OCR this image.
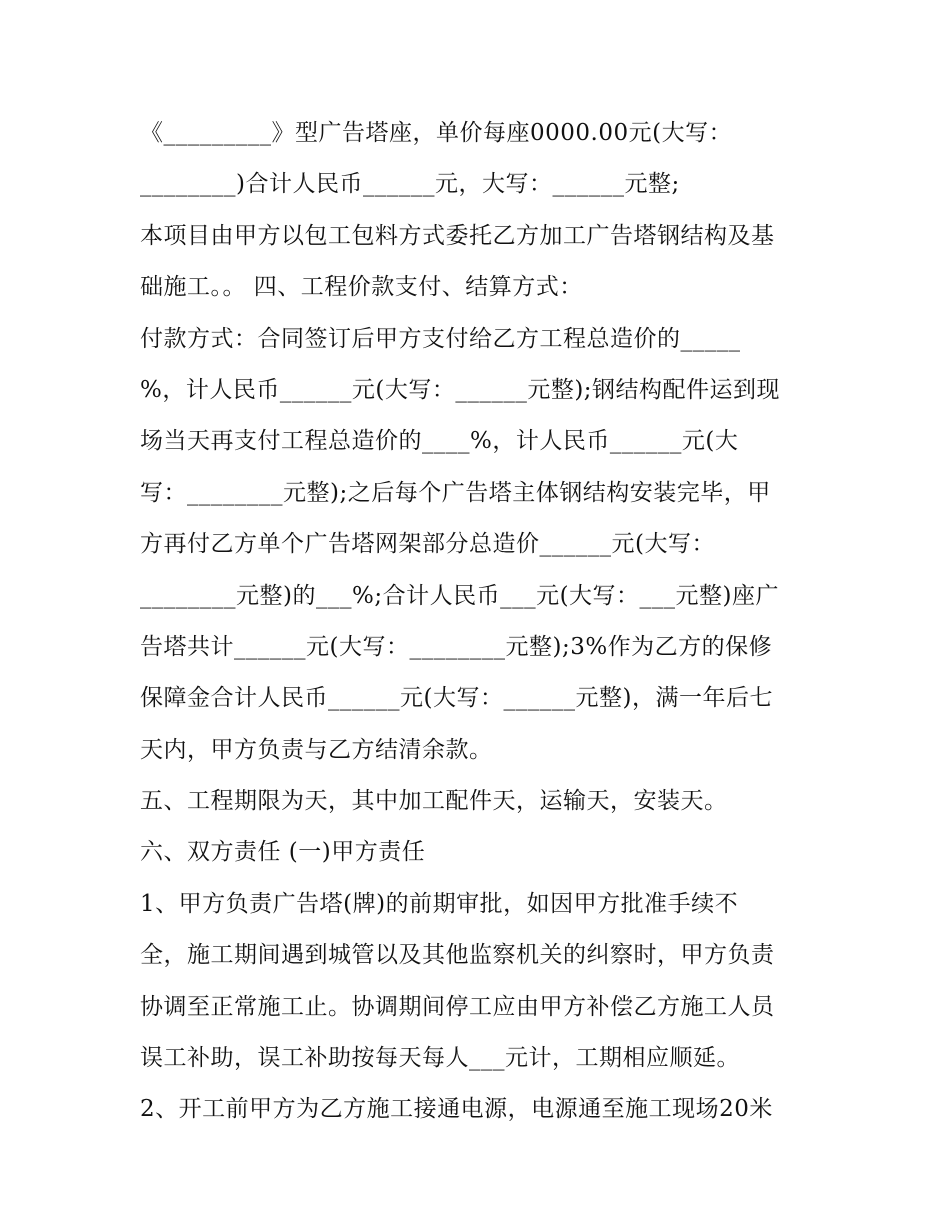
《_________》型广告塔座，单价每座0000.00元(大写：
________)合计人民币______元，大写：______元整;
本项目由甲方以包工包料方式委托乙方加工广告塔钢结构及基
础施工。。 四、工程价款支付、结算方式：
付款方式：合同签订后甲方支付给乙方工程总造价的_____
%，计人民币______元(大写：______元整);钢结构配件运到现
场当天再支付工程总造价的____%，计人民币______元(大
写：________元整);之后每个广告塔主体钢结构安装完毕，甲
方再付乙方单个广告塔网架部分总造价______元(大写：
________元整)的___%;合计人民币___元(大写：___元整)座广
告塔共计______元(大写：________元整);3%作为乙方的保修
保障金合计人民币______元(大写：______元整)，满一年后七
天内，甲方负责与乙方结清余款。
五、工程期限为天，其中加工配件天，运输天，安装天。
六、双方责任 (一)甲方责任
1、甲方负责广告塔(牌)的前期审批，如因甲方批准手续不
全，施工期间遇到城管以及其他监察机关的纠察时，甲方负责
协调至正常施工止。协调期间停工应由甲方补偿乙方施工人员
误工补助，误工补助按每天每人___元计，工期相应顺延。
2、开工前甲方为乙方施工接通电源，电源通至施工现场20米
